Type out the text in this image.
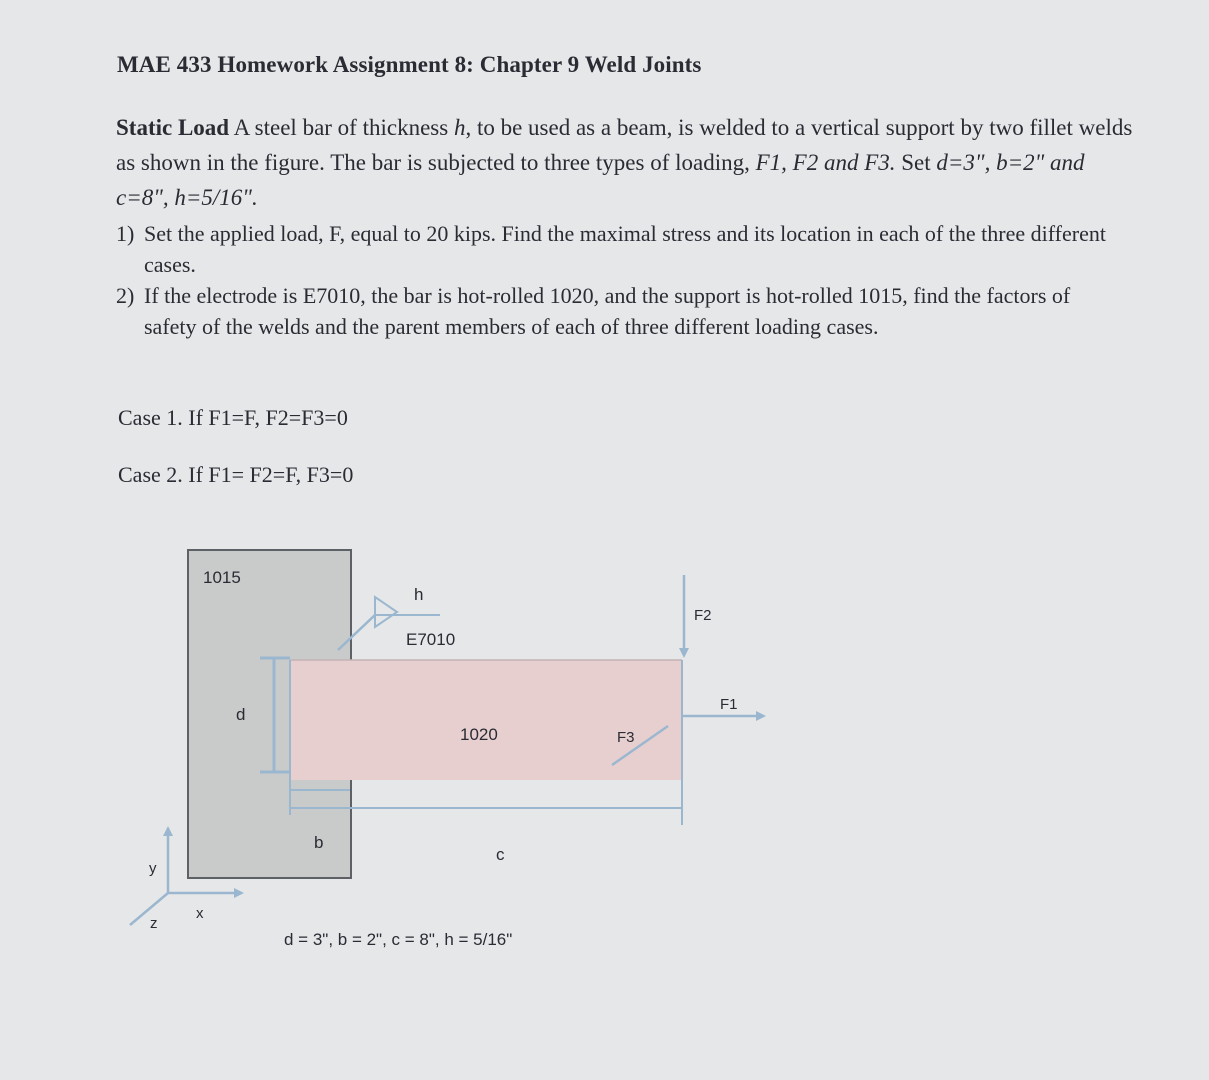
MAE 433 Homework Assignment 8: Chapter 9 Weld Joints
Static Load A steel bar of thickness h, to be used as a beam, is welded to a vertical support by two fillet welds as shown in the figure. The bar is subjected to three types of loading, F1, F2 and F3. Set d=3", b=2" and c=8", h=5/16".
1) Set the applied load, F, equal to 20 kips. Find the maximal stress and its location in each of the three different cases.
2) If the electrode is E7010, the bar is hot-rolled 1020, and the support is hot-rolled 1015, find the factors of safety of the welds and the parent members of each of three different loading cases.
Case 1. If F1=F, F2=F3=0
Case 2. If F1= F2=F, F3=0
1015
h
E7010
1020
d
b
c
F2
F1
F3
y
x
z
d = 3", b = 2", c = 8", h = 5/16"
